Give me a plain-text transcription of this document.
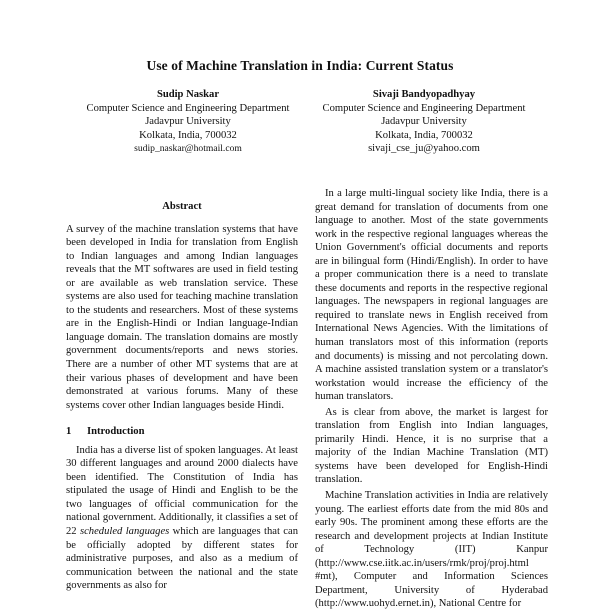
Use of Machine Translation in India: Current Status
Sudip Naskar
Computer Science and Engineering Department
Jadavpur University
Kolkata, India, 700032
sudip_naskar@hotmail.com
Sivaji Bandyopadhyay
Computer Science and Engineering Department
Jadavpur University
Kolkata, India, 700032
sivaji_cse_ju@yahoo.com
Abstract

A survey of the machine translation systems that have been developed in India for translation from English to Indian languages and among Indian languages reveals that the MT softwares are used in field testing or are available as web translation service. These systems are also used for teaching machine translation to the students and researchers. Most of these systems are in the English-Hindi or Indian language-Indian language domain. The translation domains are mostly government documents/reports and news stories. There are a number of other MT systems that are at their various phases of development and have been demonstrated at various forums. Many of these systems cover other Indian languages beside Hindi.

1 Introduction

India has a diverse list of spoken languages. At least 30 different languages and around 2000 dialects have been identified. The Constitution of India has stipulated the usage of Hindi and English to be the two languages of official communication for the national government. Additionally, it classifies a set of 22 scheduled languages which are languages that can be officially adopted by different states for administrative purposes, and also as a medium of communication between the national and the state governments as also for

In a large multi-lingual society like India, there is a great demand for translation of documents from one language to another. Most of the state governments work in the respective regional languages whereas the Union Government's official documents and reports are in bilingual form (Hindi/English). In order to have a proper communication there is a need to translate these documents and reports in the respective regional languages. The newspapers in regional languages are required to translate news in English received from International News Agencies. With the limitations of human translators most of this information (reports and documents) is missing and not percolating down. A machine assisted translation system or a translator's workstation would increase the efficiency of the human translators.

As is clear from above, the market is largest for translation from English into Indian languages, primarily Hindi. Hence, it is no surprise that a majority of the Indian Machine Translation (MT) systems have been developed for English-Hindi translation.

Machine Translation activities in India are relatively young. The earliest efforts date from the mid 80s and early 90s. The prominent among these efforts are the research and development projects at Indian Institute of Technology (IIT) Kanpur (http://www.cse.iitk.ac.in/users/rmk/proj/proj.html #mt), Computer and Information Sciences Department, University of Hyderabad (http://www.uohyd.ernet.in), National Centre for
